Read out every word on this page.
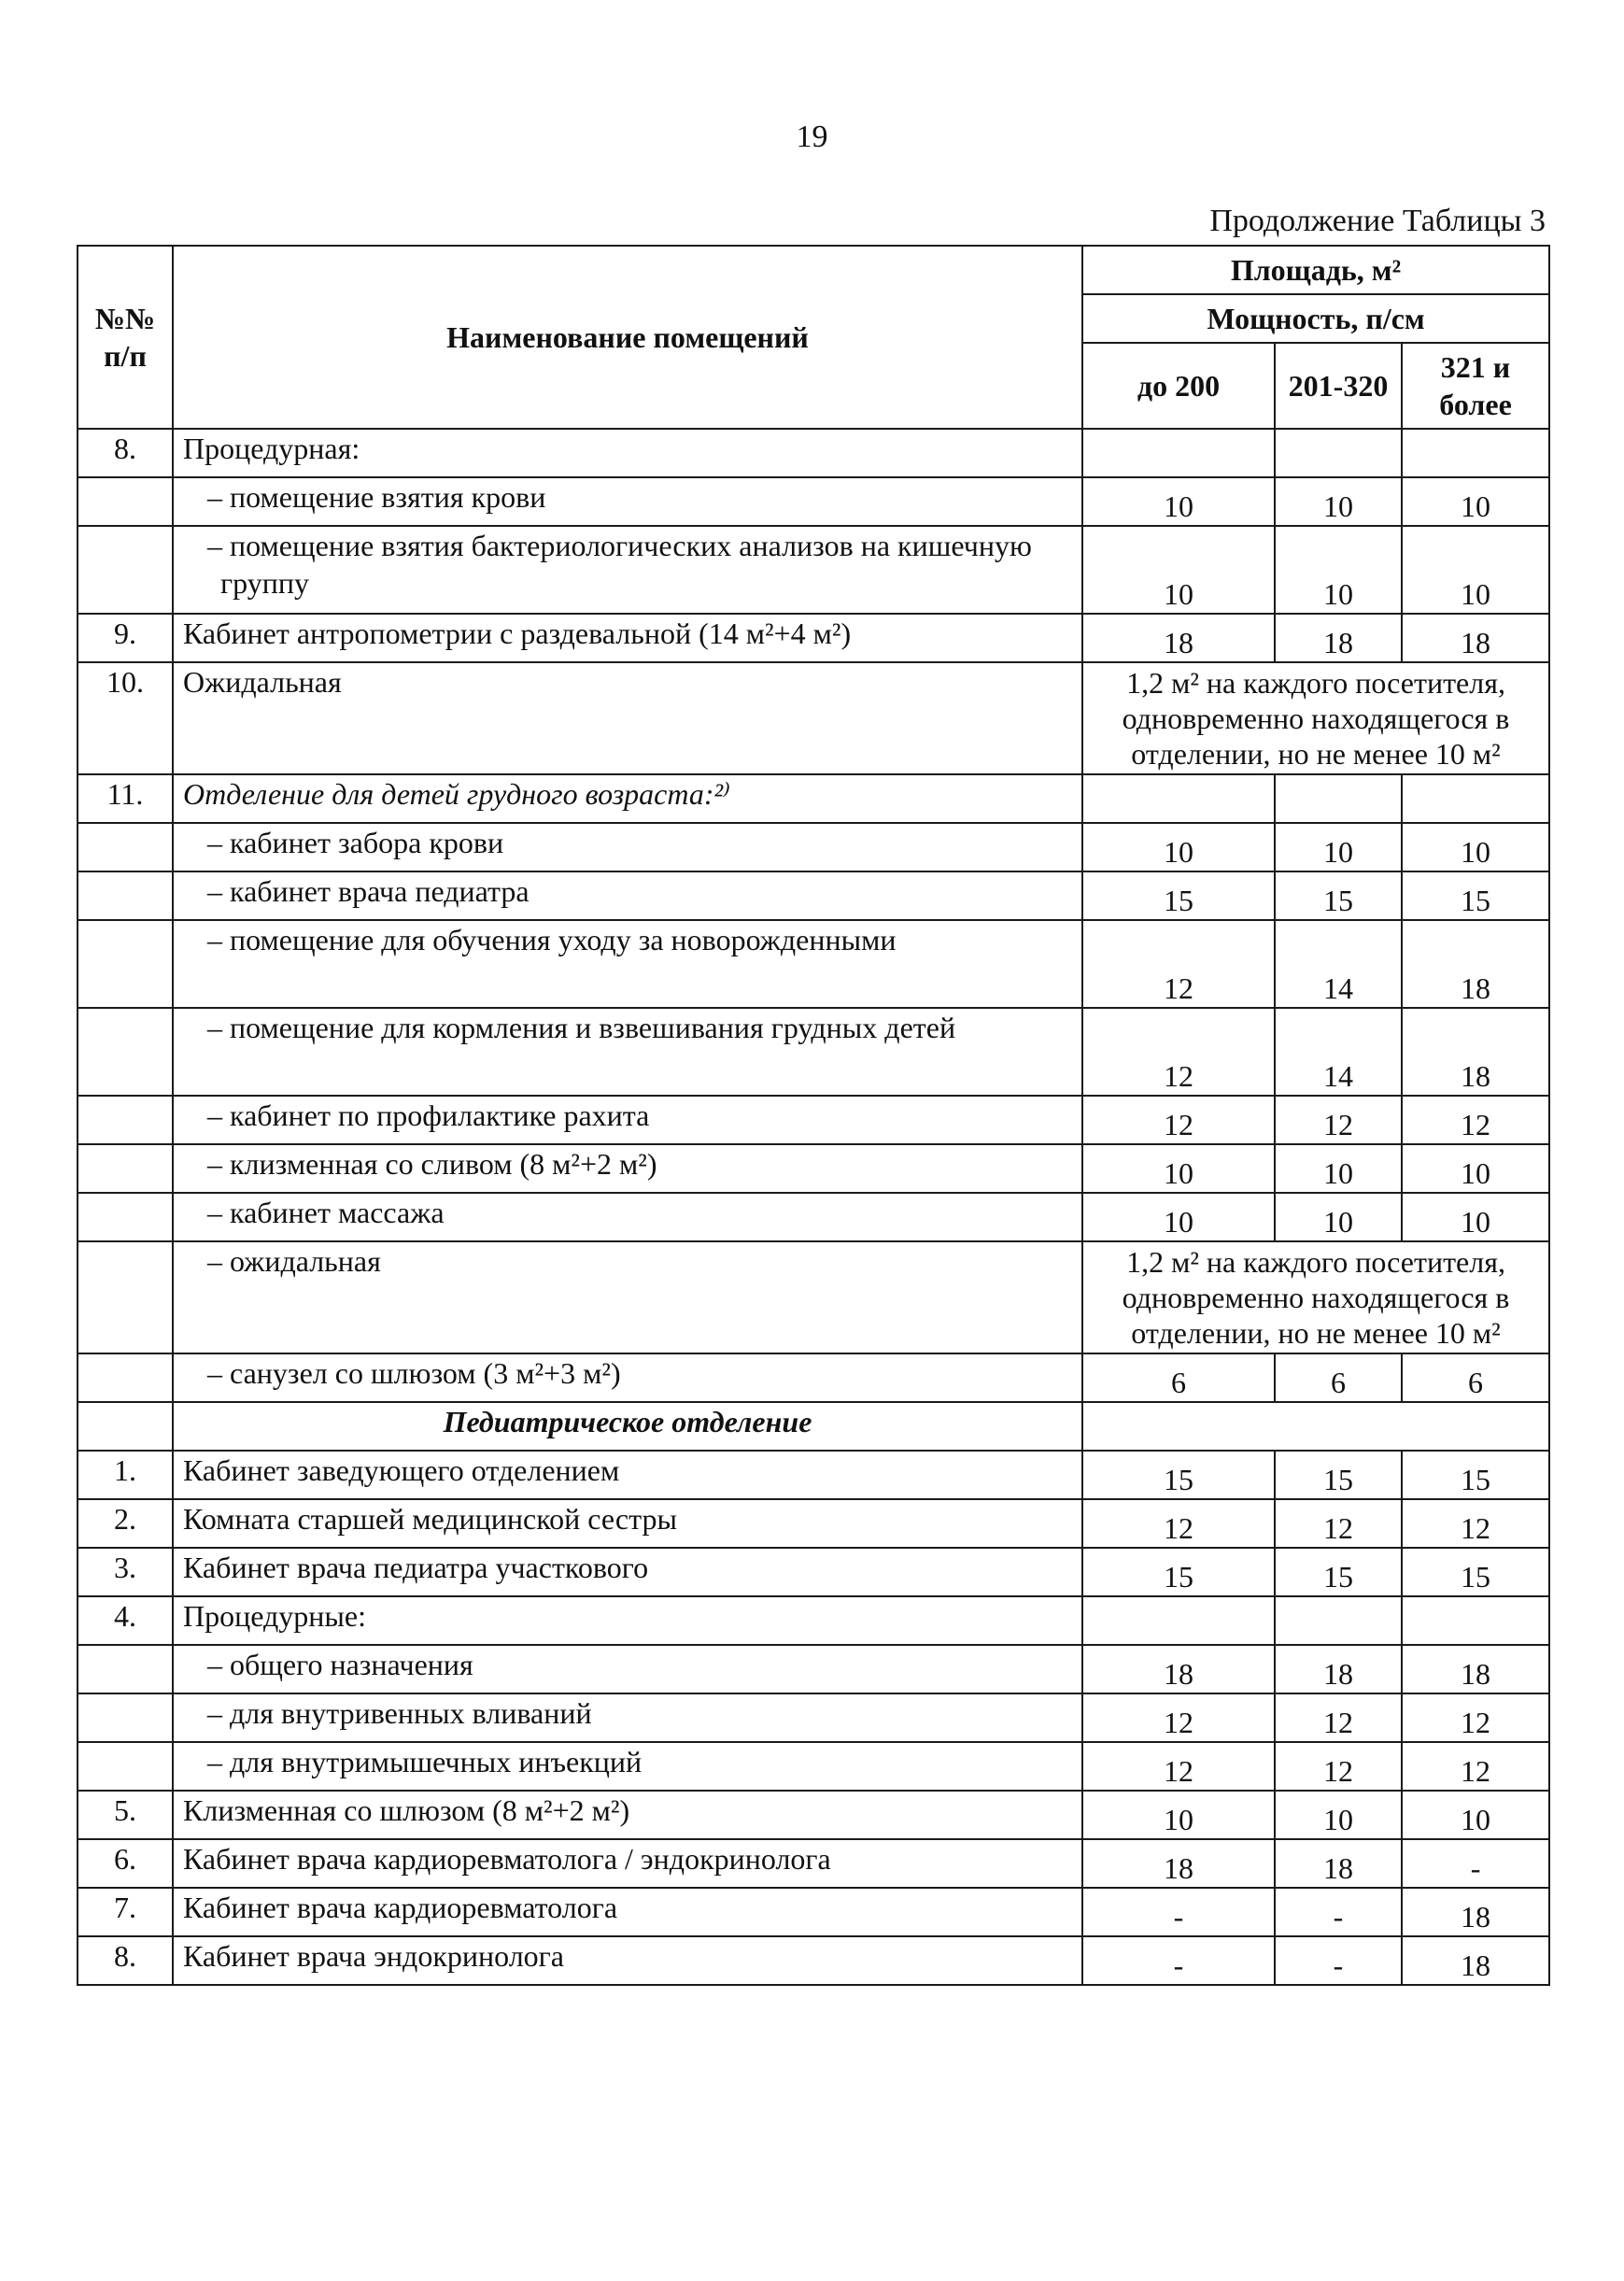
19
Продолжение Таблицы 3
№№ п/п	Наименование помещений	Площадь, м²		
		Мощность, п/см		
		до 200	201-320	321 и более
8.	Процедурная:			
	– помещение взятия крови	10	10	10
	– помещение взятия бактериологических анализов на кишечную группу	10	10	10
9.	Кабинет антропометрии с раздевальной (14 м²+4 м²)	18	18	18
10.	Ожидальная	1,2 м² на каждого посетителя, одновременно находящегося в отделении, но не менее 10 м²		
11.	Отделение для детей грудного возраста:²⁾			
	– кабинет забора крови	10	10	10
	– кабинет врача педиатра	15	15	15
	– помещение для обучения уходу за новорожденными	12	14	18
	– помещение для кормления и взвешивания грудных детей	12	14	18
	– кабинет по профилактике рахита	12	12	12
	– клизменная со сливом (8 м²+2 м²)	10	10	10
	– кабинет массажа	10	10	10
	– ожидальная	1,2 м² на каждого посетителя, одновременно находящегося в отделении, но не менее 10 м²		
	– санузел со шлюзом (3 м²+3 м²)	6	6	6
	Педиатрическое отделение			
1.	Кабинет заведующего отделением	15	15	15
2.	Комната старшей медицинской сестры	12	12	12
3.	Кабинет врача педиатра участкового	15	15	15
4.	Процедурные:			
	– общего назначения	18	18	18
	– для внутривенных вливаний	12	12	12
	– для внутримышечных инъекций	12	12	12
5.	Клизменная со шлюзом (8 м²+2 м²)	10	10	10
6.	Кабинет врача кардиоревматолога / эндокринолога	18	18	-
7.	Кабинет врача кардиоревматолога	-	-	18
8.	Кабинет врача эндокринолога	-	-	18
